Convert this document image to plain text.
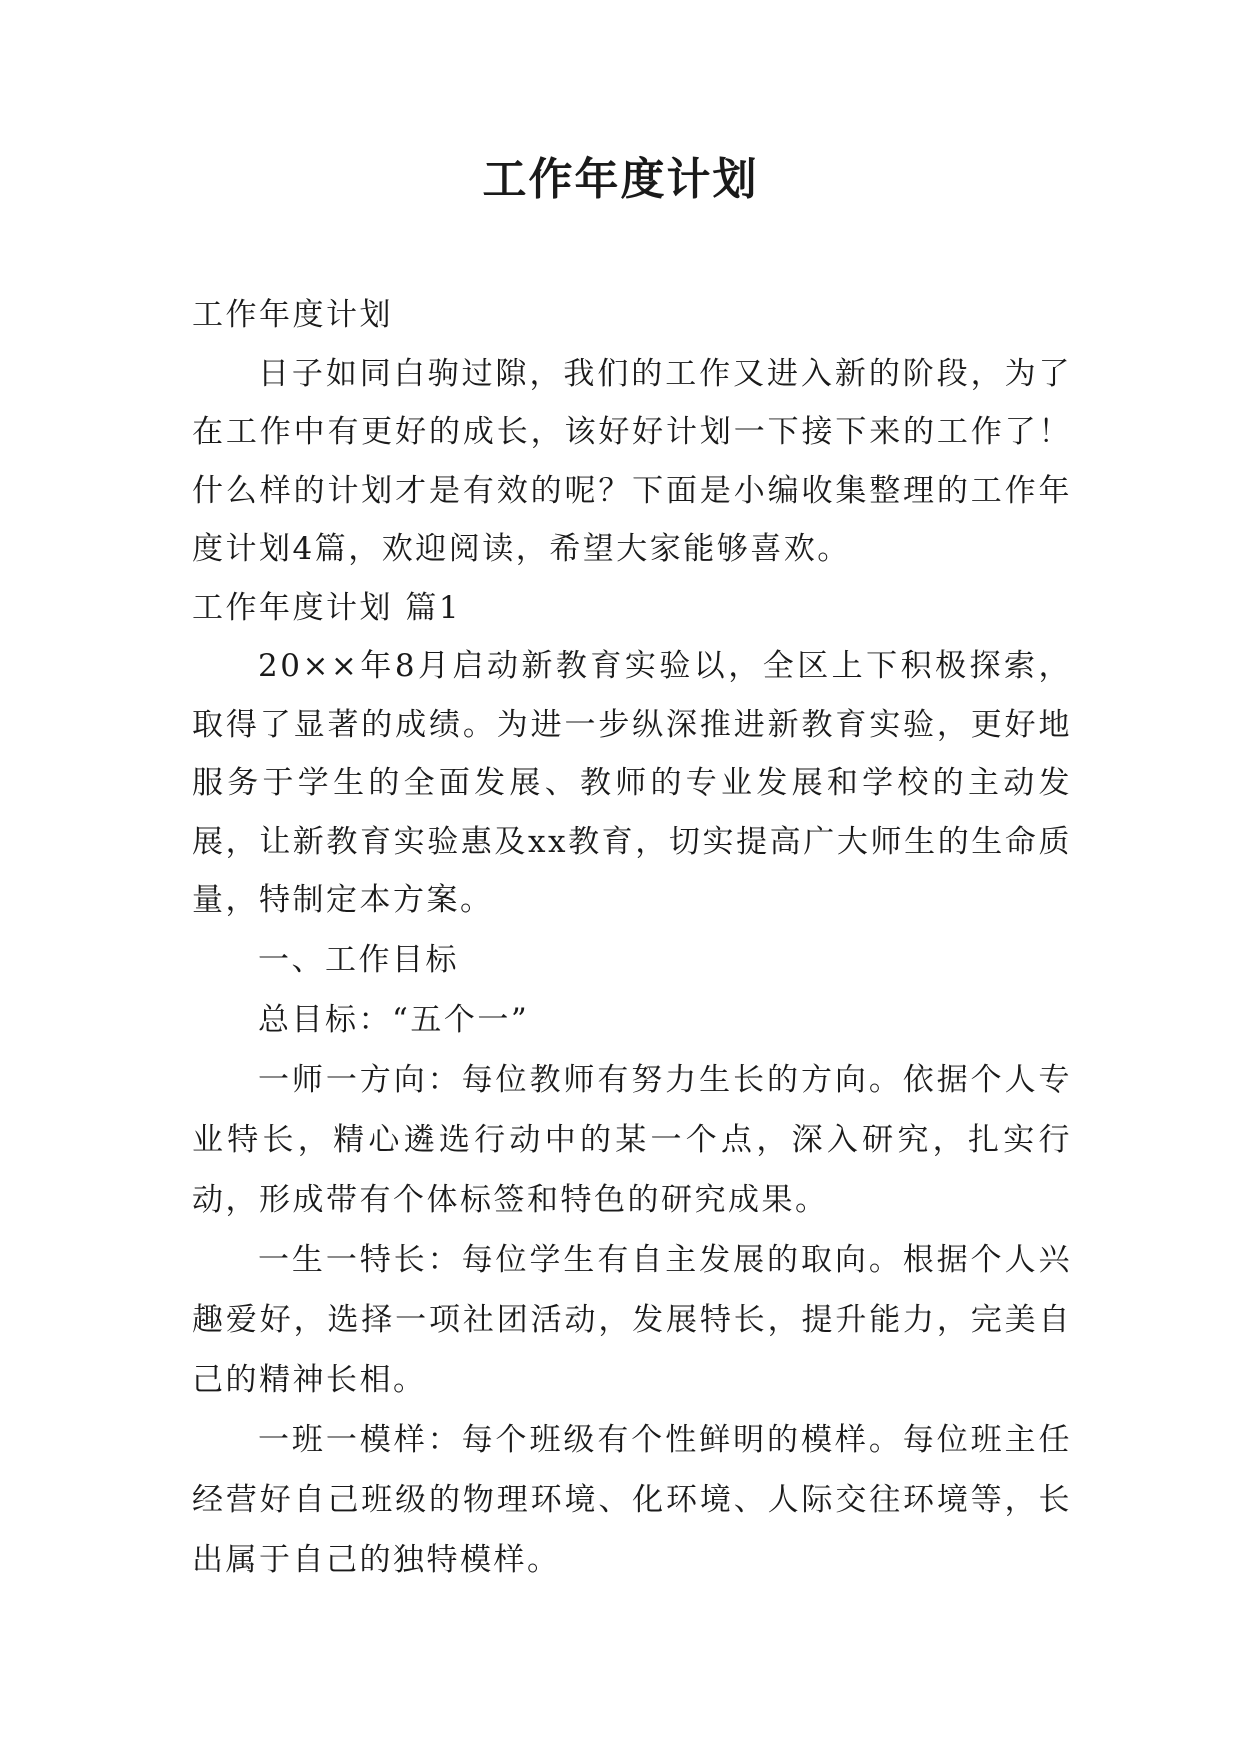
工作年度计划

工作年度计划

日子如同白驹过隙，我们的工作又进入新的阶段，为了在工作中有更好的成长，该好好计划一下接下来的工作了！什么样的计划才是有效的呢？下面是小编收集整理的工作年度计划4篇，欢迎阅读，希望大家能够喜欢。

工作年度计划 篇1

20××年8月启动新教育实验以，全区上下积极探索，取得了显著的成绩。为进一步纵深推进新教育实验，更好地服务于学生的全面发展、教师的专业发展和学校的主动发展，让新教育实验惠及xx教育，切实提高广大师生的生命质量，特制定本方案。

一、工作目标

总目标：“五个一”

一师一方向：每位教师有努力生长的方向。依据个人专业特长，精心遴选行动中的某一个点，深入研究，扎实行动，形成带有个体标签和特色的研究成果。

一生一特长：每位学生有自主发展的取向。根据个人兴趣爱好，选择一项社团活动，发展特长，提升能力，完美自己的精神长相。

一班一模样：每个班级有个性鲜明的模样。每位班主任经营好自己班级的物理环境、化环境、人际交往环境等，长出属于自己的独特模样。
